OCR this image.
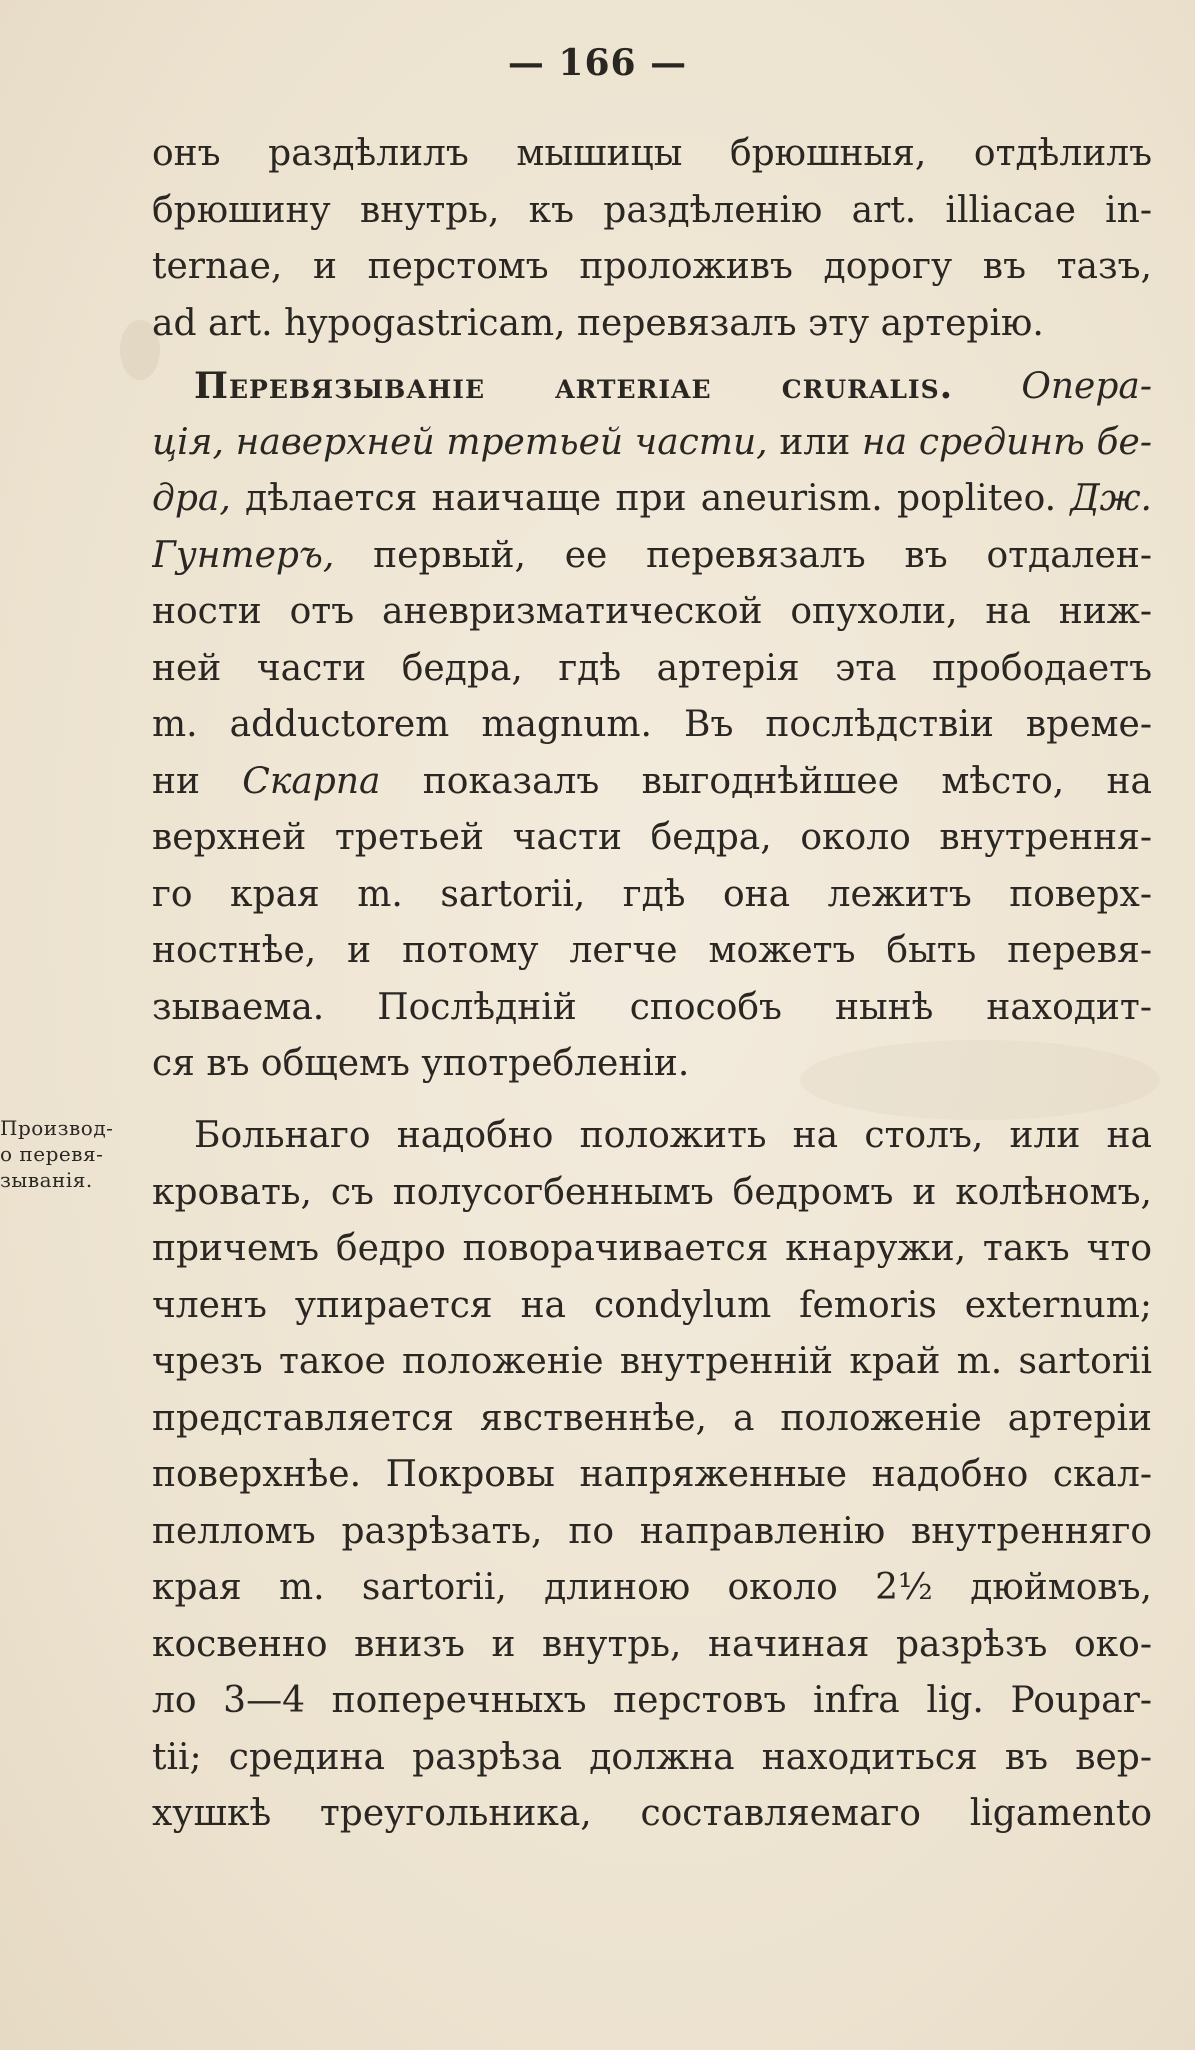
— 166 —
Производ-
о перевя-
зыванія.
онъ раздѣлилъ мышицы брюшныя, отдѣлилъ
брюшину внутрь, къ раздѣленію art. illiacae in-
ternae, и перстомъ проложивъ дорогу въ тазъ,
ad art. hypogastricam, перевязалъ эту артерію.
Перевязываніе arteriae cruralis. Опера-
ція, наверхней третьей части, или на срединѣ бе-
дра, дѣлается наичаще при aneurism. popliteo. Дж.
Гунтеръ, первый, ее перевязалъ въ отдален-
ности отъ аневризматической опухоли, на ниж-
ней части бедра, гдѣ артерія эта прободаетъ
m. adductorem magnum. Въ послѣдствіи време-
ни Скарпа показалъ выгоднѣйшее мѣсто, на
верхней третьей части бедра, около внутрення-
го края m. sartorii, гдѣ она лежитъ поверх-
ностнѣе, и потому легче можетъ быть перевя-
зываема. Послѣдній способъ нынѣ находит-
ся въ общемъ употребленіи.
Больнаго надобно положить на столъ, или на
кровать, съ полусогбеннымъ бедромъ и колѣномъ,
причемъ бедро поворачивается кнаружи, такъ что
членъ упирается на condylum femoris externum;
чрезъ такое положеніе внутренній край m. sartorii
представляется явственнѣе, а положеніе артеріи
поверхнѣе. Покровы напряженные надобно скал-
пелломъ разрѣзать, по направленію внутренняго
края m. sartorii, длиною около 2½ дюймовъ,
косвенно внизъ и внутрь, начиная разрѣзъ око-
ло 3—4 поперечныхъ перстовъ infra lig. Poupar-
tii; средина разрѣза должна находиться въ вер-
хушкѣ треугольника, составляемаго ligamento
